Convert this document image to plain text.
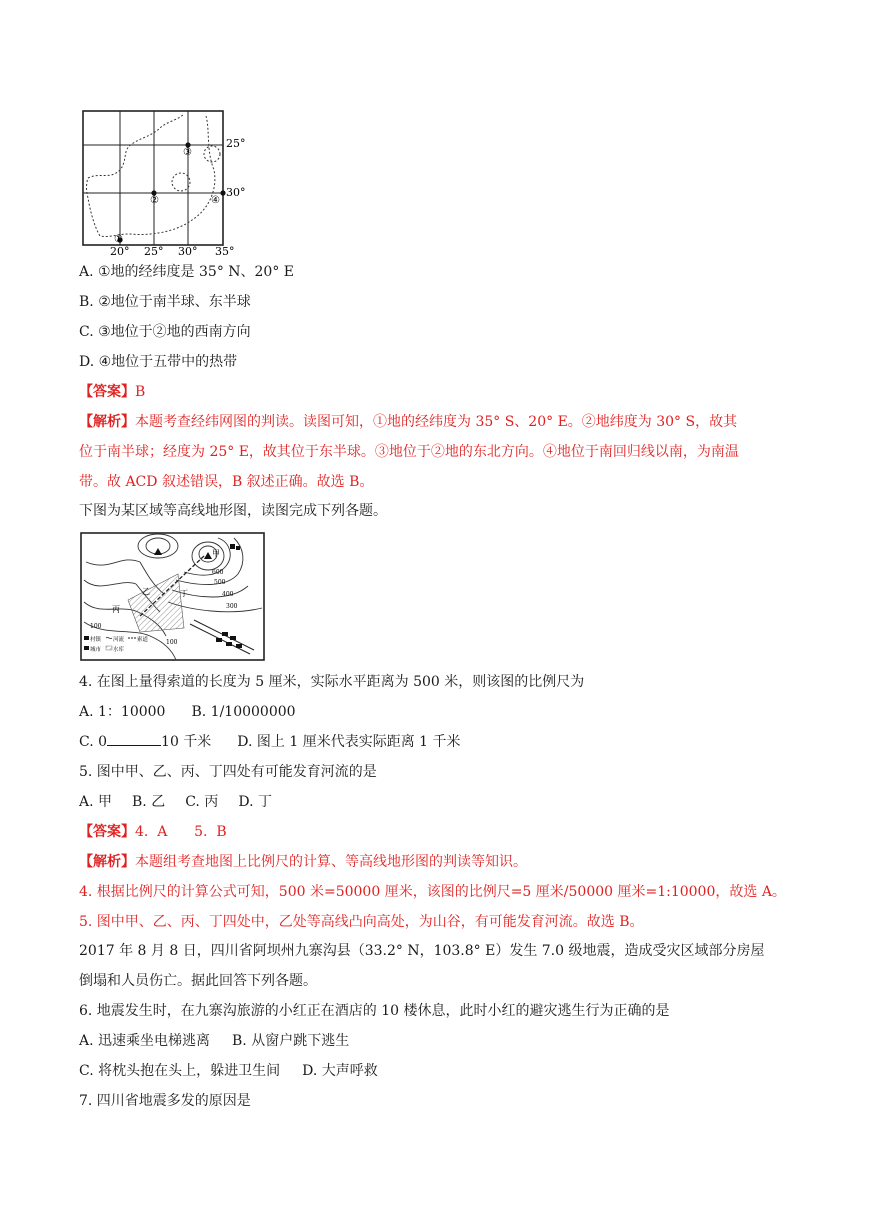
①
②
③
④
25°
30°
20° 25° 30° 35°
A. ①地的经纬度是 35° N、20° E
B. ②地位于南半球、东半球
C. ③地位于②地的西南方向
D. ④地位于五带中的热带
【答案】B
【解析】本题考查经纬网图的判读。读图可知，①地的经纬度为 35° S、20° E。②地纬度为 30° S，故其
位于南半球；经度为 25° E，故其位于东半球。③地位于②地的东北方向。④地位于南回归线以南，为南温
带。故 ACD 叙述错误，B 叙述正确。故选 B。
下图为某区域等高线地形图，读图完成下列各题。
甲
丙
丁
乙
600
500
400
300
100
100
村镇 河流 索道
城市 水库
4. 在图上量得索道的长度为 5 厘米，实际水平距离为 500 米，则该图的比例尺为
A. 1：10000 B. 1/10000000
C. 0	10 千米 D. 图上 1 厘米代表实际距离 1 千米
5. 图中甲、乙、丙、丁四处有可能发育河流的是
A. 甲 B. 乙 C. 丙 D. 丁
【答案】4.  A      5.  B
【解析】本题组考查地图上比例尺的计算、等高线地形图的判读等知识。
4. 根据比例尺的计算公式可知，500 米=50000 厘米，该图的比例尺=5 厘米/50000 厘米=1:10000，故选 A。
5. 图中甲、乙、丙、丁四处中，乙处等高线凸向高处，为山谷，有可能发育河流。故选 B。
2017 年 8 月 8 日，四川省阿坝州九寨沟县（33.2° N，103.8° E）发生 7.0 级地震，造成受灾区域部分房屋
倒塌和人员伤亡。据此回答下列各题。
6. 地震发生时，在九寨沟旅游的小红正在酒店的 10 楼休息，此时小红的避灾逃生行为正确的是
A. 迅速乘坐电梯逃离 B. 从窗户跳下逃生
C. 将枕头抱在头上，躲进卫生间 D. 大声呼救
7. 四川省地震多发的原因是
